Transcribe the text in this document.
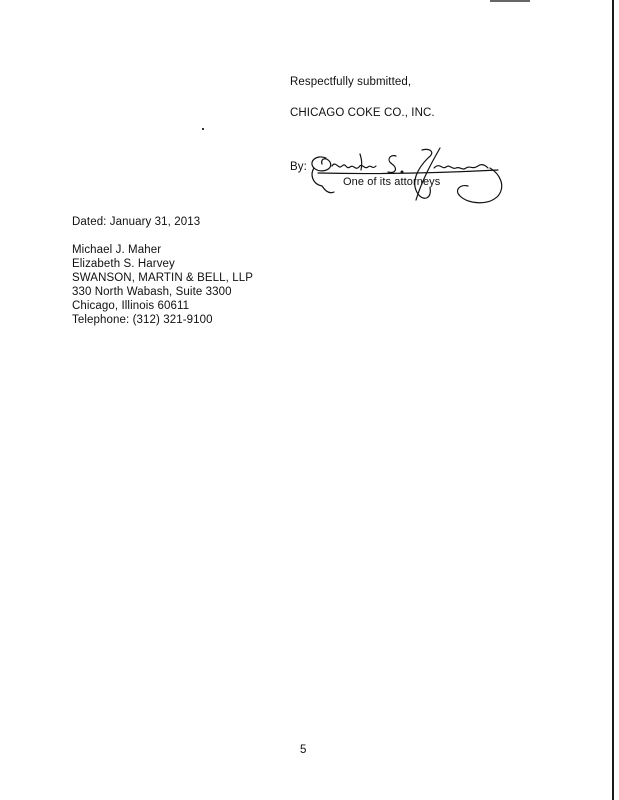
Respectfully submitted,
CHICAGO COKE CO., INC.
By:
One of its attorneys
Dated: January 31, 2013
Michael J. Maher
Elizabeth S. Harvey
SWANSON, MARTIN & BELL, LLP
330 North Wabash, Suite 3300
Chicago, Illinois 60611
Telephone: (312) 321-9100
5
